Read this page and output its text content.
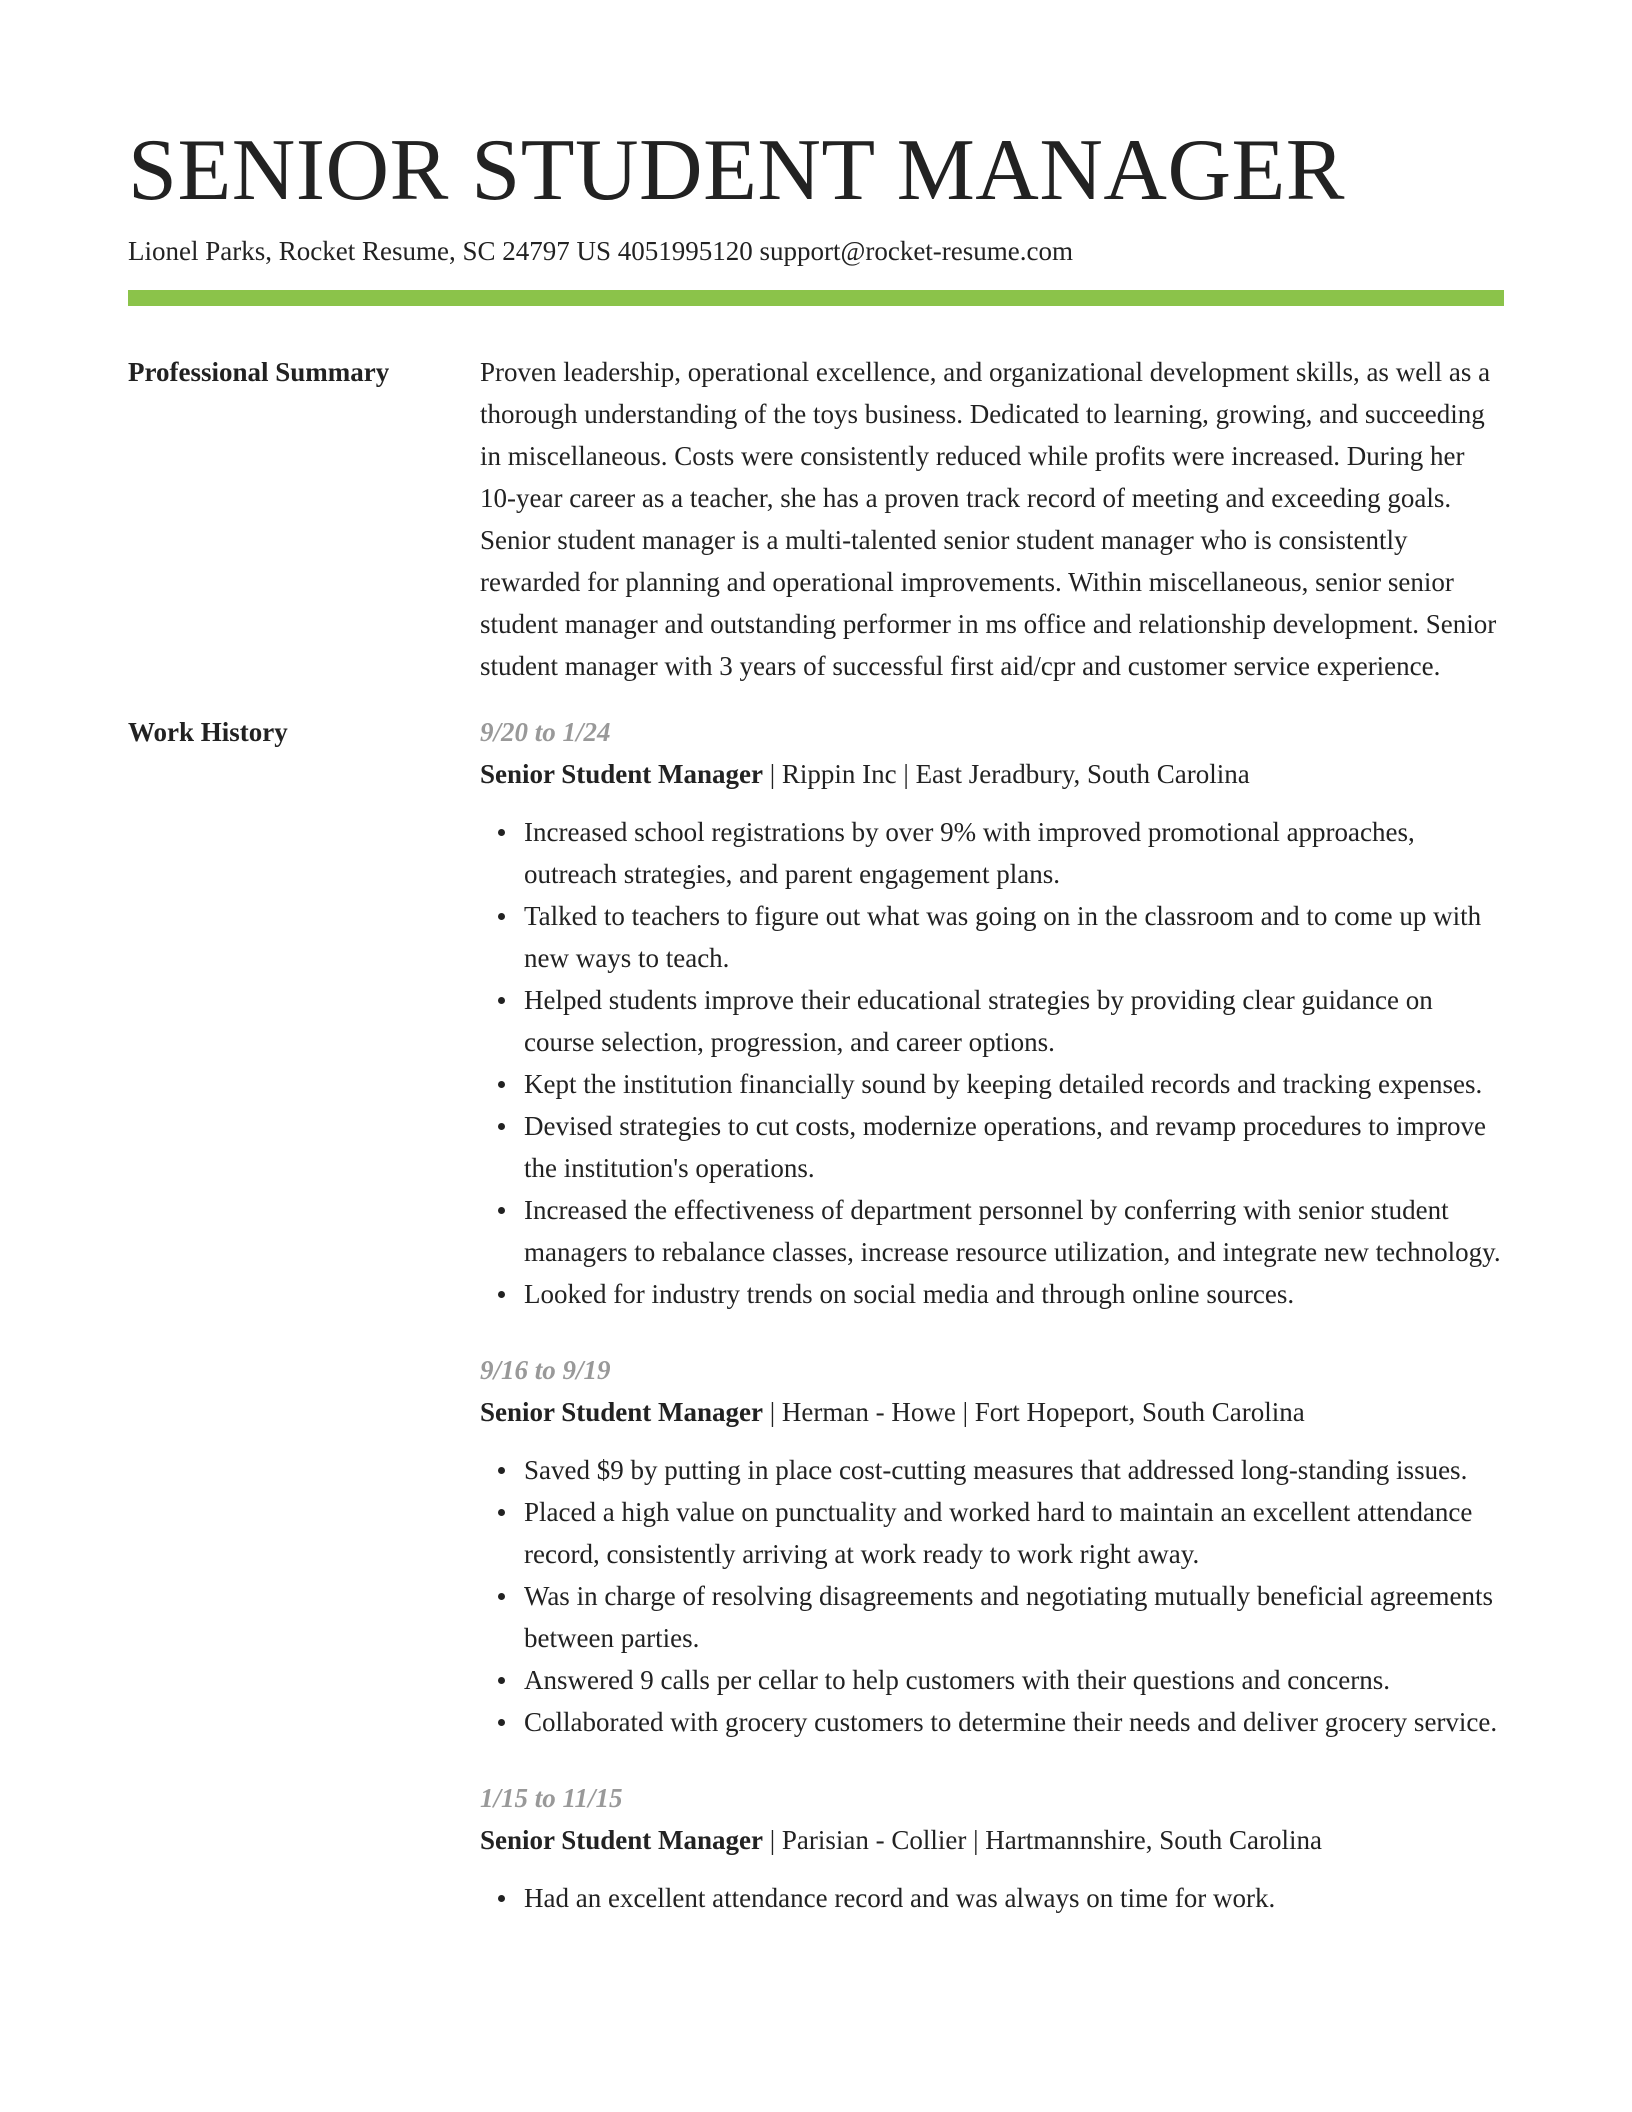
SENIOR STUDENT MANAGER
Lionel Parks, Rocket Resume, SC 24797 US 4051995120 support@rocket-resume.com
Professional Summary	Proven leadership, operational excellence, and organizational development skills, as well as a thorough understanding of the toys business. Dedicated to learning, growing, and succeeding in miscellaneous. Costs were consistently reduced while profits were increased. During her 10-year career as a teacher, she has a proven track record of meeting and exceeding goals. Senior student manager is a multi-talented senior student manager who is consistently rewarded for planning and operational improvements. Within miscellaneous, senior senior student manager and outstanding performer in ms office and relationship development. Senior student manager with 3 years of successful first aid/cpr and customer service experience.

Work History	9/20 to 1/24
Senior Student Manager | Rippin Inc | East Jeradbury, South Carolina
Increased school registrations by over 9% with improved promotional approaches, outreach strategies, and parent engagement plans.
Talked to teachers to figure out what was going on in the classroom and to come up with new ways to teach.
Helped students improve their educational strategies by providing clear guidance on course selection, progression, and career options.
Kept the institution financially sound by keeping detailed records and tracking expenses.
Devised strategies to cut costs, modernize operations, and revamp procedures to improve the institution's operations.
Increased the effectiveness of department personnel by conferring with senior student managers to rebalance classes, increase resource utilization, and integrate new technology.
Looked for industry trends on social media and through online sources.
9/16 to 9/19
Senior Student Manager | Herman - Howe | Fort Hopeport, South Carolina
Saved $9 by putting in place cost-cutting measures that addressed long-standing issues.
Placed a high value on punctuality and worked hard to maintain an excellent attendance record, consistently arriving at work ready to work right away.
Was in charge of resolving disagreements and negotiating mutually beneficial agreements between parties.
Answered 9 calls per cellar to help customers with their questions and concerns.
Collaborated with grocery customers to determine their needs and deliver grocery service.
1/15 to 11/15
Senior Student Manager | Parisian - Collier | Hartmannshire, South Carolina
Had an excellent attendance record and was always on time for work.
